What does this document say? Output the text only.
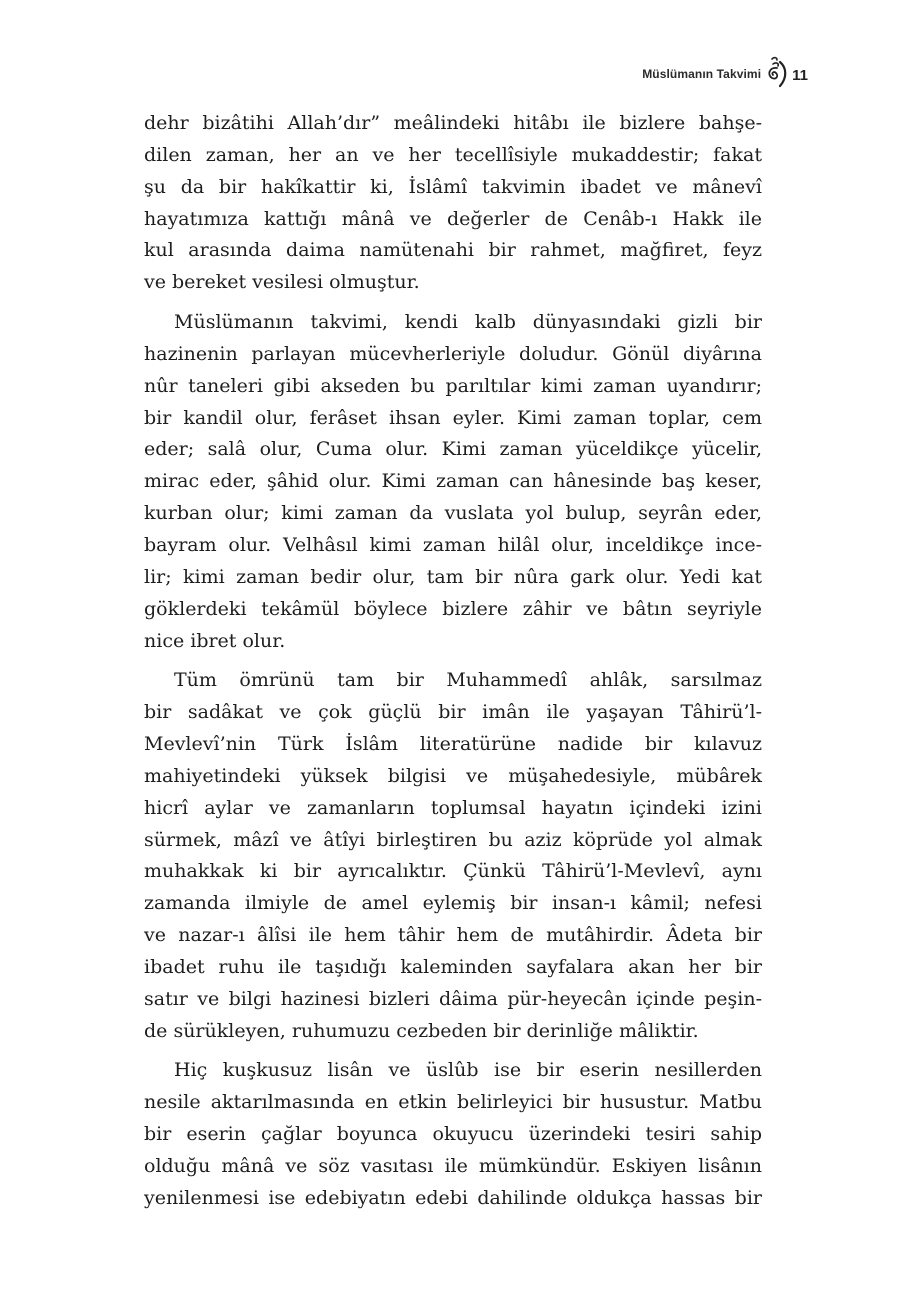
Müslümanın Takvimi 11

dehr bizâtihi Allah’dır” meâlindeki hitâbı ile bizlere bahşe-
dilen zaman, her an ve her tecellîsiyle mukaddestir; fakat
şu da bir hakîkattir ki, İslâmî takvimin ibadet ve mânevî
hayatımıza kattığı mânâ ve değerler de Cenâb-ı Hakk ile
kul arasında daima namütenahi bir rahmet, mağfiret, feyz
ve bereket vesilesi olmuştur.

Müslümanın takvimi, kendi kalb dünyasındaki gizli bir
hazinenin parlayan mücevherleriyle doludur. Gönül diyârına
nûr taneleri gibi akseden bu parıltılar kimi zaman uyandırır;
bir kandil olur, ferâset ihsan eyler. Kimi zaman toplar, cem
eder; salâ olur, Cuma olur. Kimi zaman yüceldikçe yücelir,
mirac eder, şâhid olur. Kimi zaman can hânesinde baş keser,
kurban olur; kimi zaman da vuslata yol bulup, seyrân eder,
bayram olur. Velhâsıl kimi zaman hilâl olur, inceldikçe ince-
lir; kimi zaman bedir olur, tam bir nûra gark olur. Yedi kat
göklerdeki tekâmül böylece bizlere zâhir ve bâtın seyriyle
nice ibret olur.

Tüm ömrünü tam bir Muhammedî ahlâk, sarsılmaz
bir sadâkat ve çok güçlü bir imân ile yaşayan Tâhirü’l-
Mevlevî’nin Türk İslâm literatürüne nadide bir kılavuz
mahiyetindeki yüksek bilgisi ve müşahedesiyle, mübârek
hicrî aylar ve zamanların toplumsal hayatın içindeki izini
sürmek, mâzî ve âtîyi birleştiren bu aziz köprüde yol almak
muhakkak ki bir ayrıcalıktır. Çünkü Tâhirü’l-Mevlevî, aynı
zamanda ilmiyle de amel eylemiş bir insan-ı kâmil; nefesi
ve nazar-ı âlîsi ile hem tâhir hem de mutâhirdir. Âdeta bir
ibadet ruhu ile taşıdığı kaleminden sayfalara akan her bir
satır ve bilgi hazinesi bizleri dâima pür-heyecân içinde peşin-
de sürükleyen, ruhumuzu cezbeden bir derinliğe mâliktir.

Hiç kuşkusuz lisân ve üslûb ise bir eserin nesillerden
nesile aktarılmasında en etkin belirleyici bir husustur. Matbu
bir eserin çağlar boyunca okuyucu üzerindeki tesiri sahip
olduğu mânâ ve söz vasıtası ile mümkündür. Eskiyen lisânın
yenilenmesi ise edebiyatın edebi dahilinde oldukça hassas bir
